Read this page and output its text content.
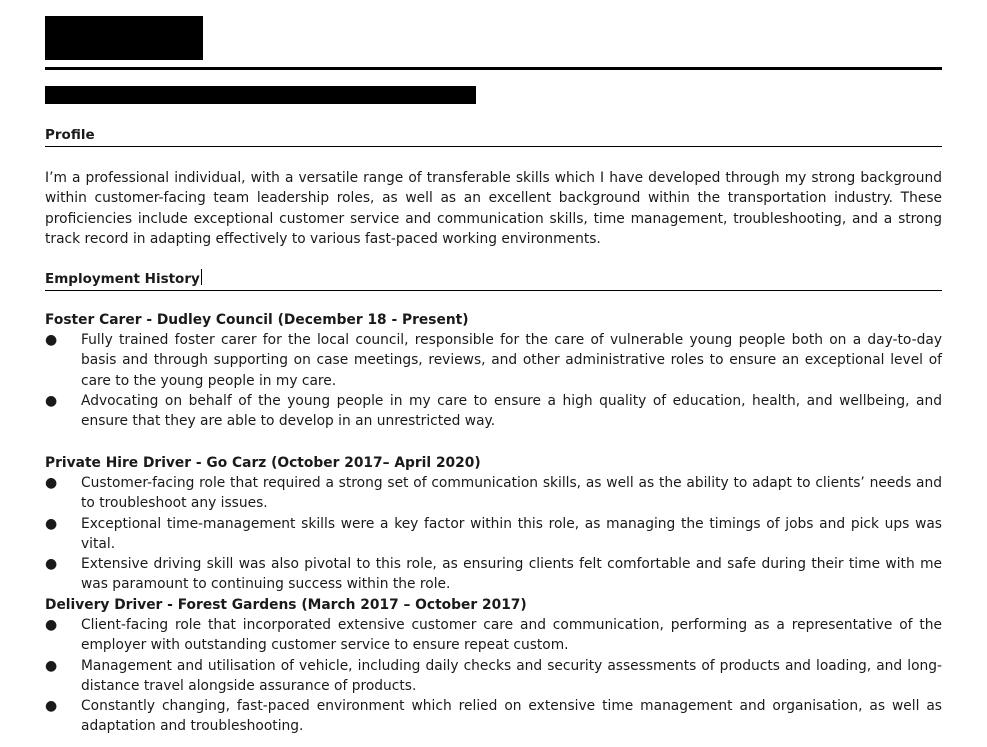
Profile

I’m a professional individual, with a versatile range of transferable skills which I have developed through my strong background within customer-facing team leadership roles, as well as an excellent background within the transportation industry. These proficiencies include exceptional customer service and communication skills, time management, troubleshooting, and a strong track record in adapting effectively to various fast-paced working environments.

Employment History
Foster Carer - Dudley Council (December 18 - Present)
● Fully trained foster carer for the local council, responsible for the care of vulnerable young people both on a day-to-day basis and through supporting on case meetings, reviews, and other administrative roles to ensure an exceptional level of care to the young people in my care.
● Advocating on behalf of the young people in my care to ensure a high quality of education, health, and wellbeing, and ensure that they are able to develop in an unrestricted way.
Private Hire Driver - Go Carz (October 2017– April 2020)
● Customer-facing role that required a strong set of communication skills, as well as the ability to adapt to clients’ needs and to troubleshoot any issues.
● Exceptional time-management skills were a key factor within this role, as managing the timings of jobs and pick ups was vital.
● Extensive driving skill was also pivotal to this role, as ensuring clients felt comfortable and safe during their time with me was paramount to continuing success within the role.
Delivery Driver - Forest Gardens (March 2017 – October 2017)
● Client-facing role that incorporated extensive customer care and communication, performing as a representative of the employer with outstanding customer service to ensure repeat custom.
● Management and utilisation of vehicle, including daily checks and security assessments of products and loading, and long-distance travel alongside assurance of products.
● Constantly changing, fast-paced environment which relied on extensive time management and organisation, as well as adaptation and troubleshooting.
